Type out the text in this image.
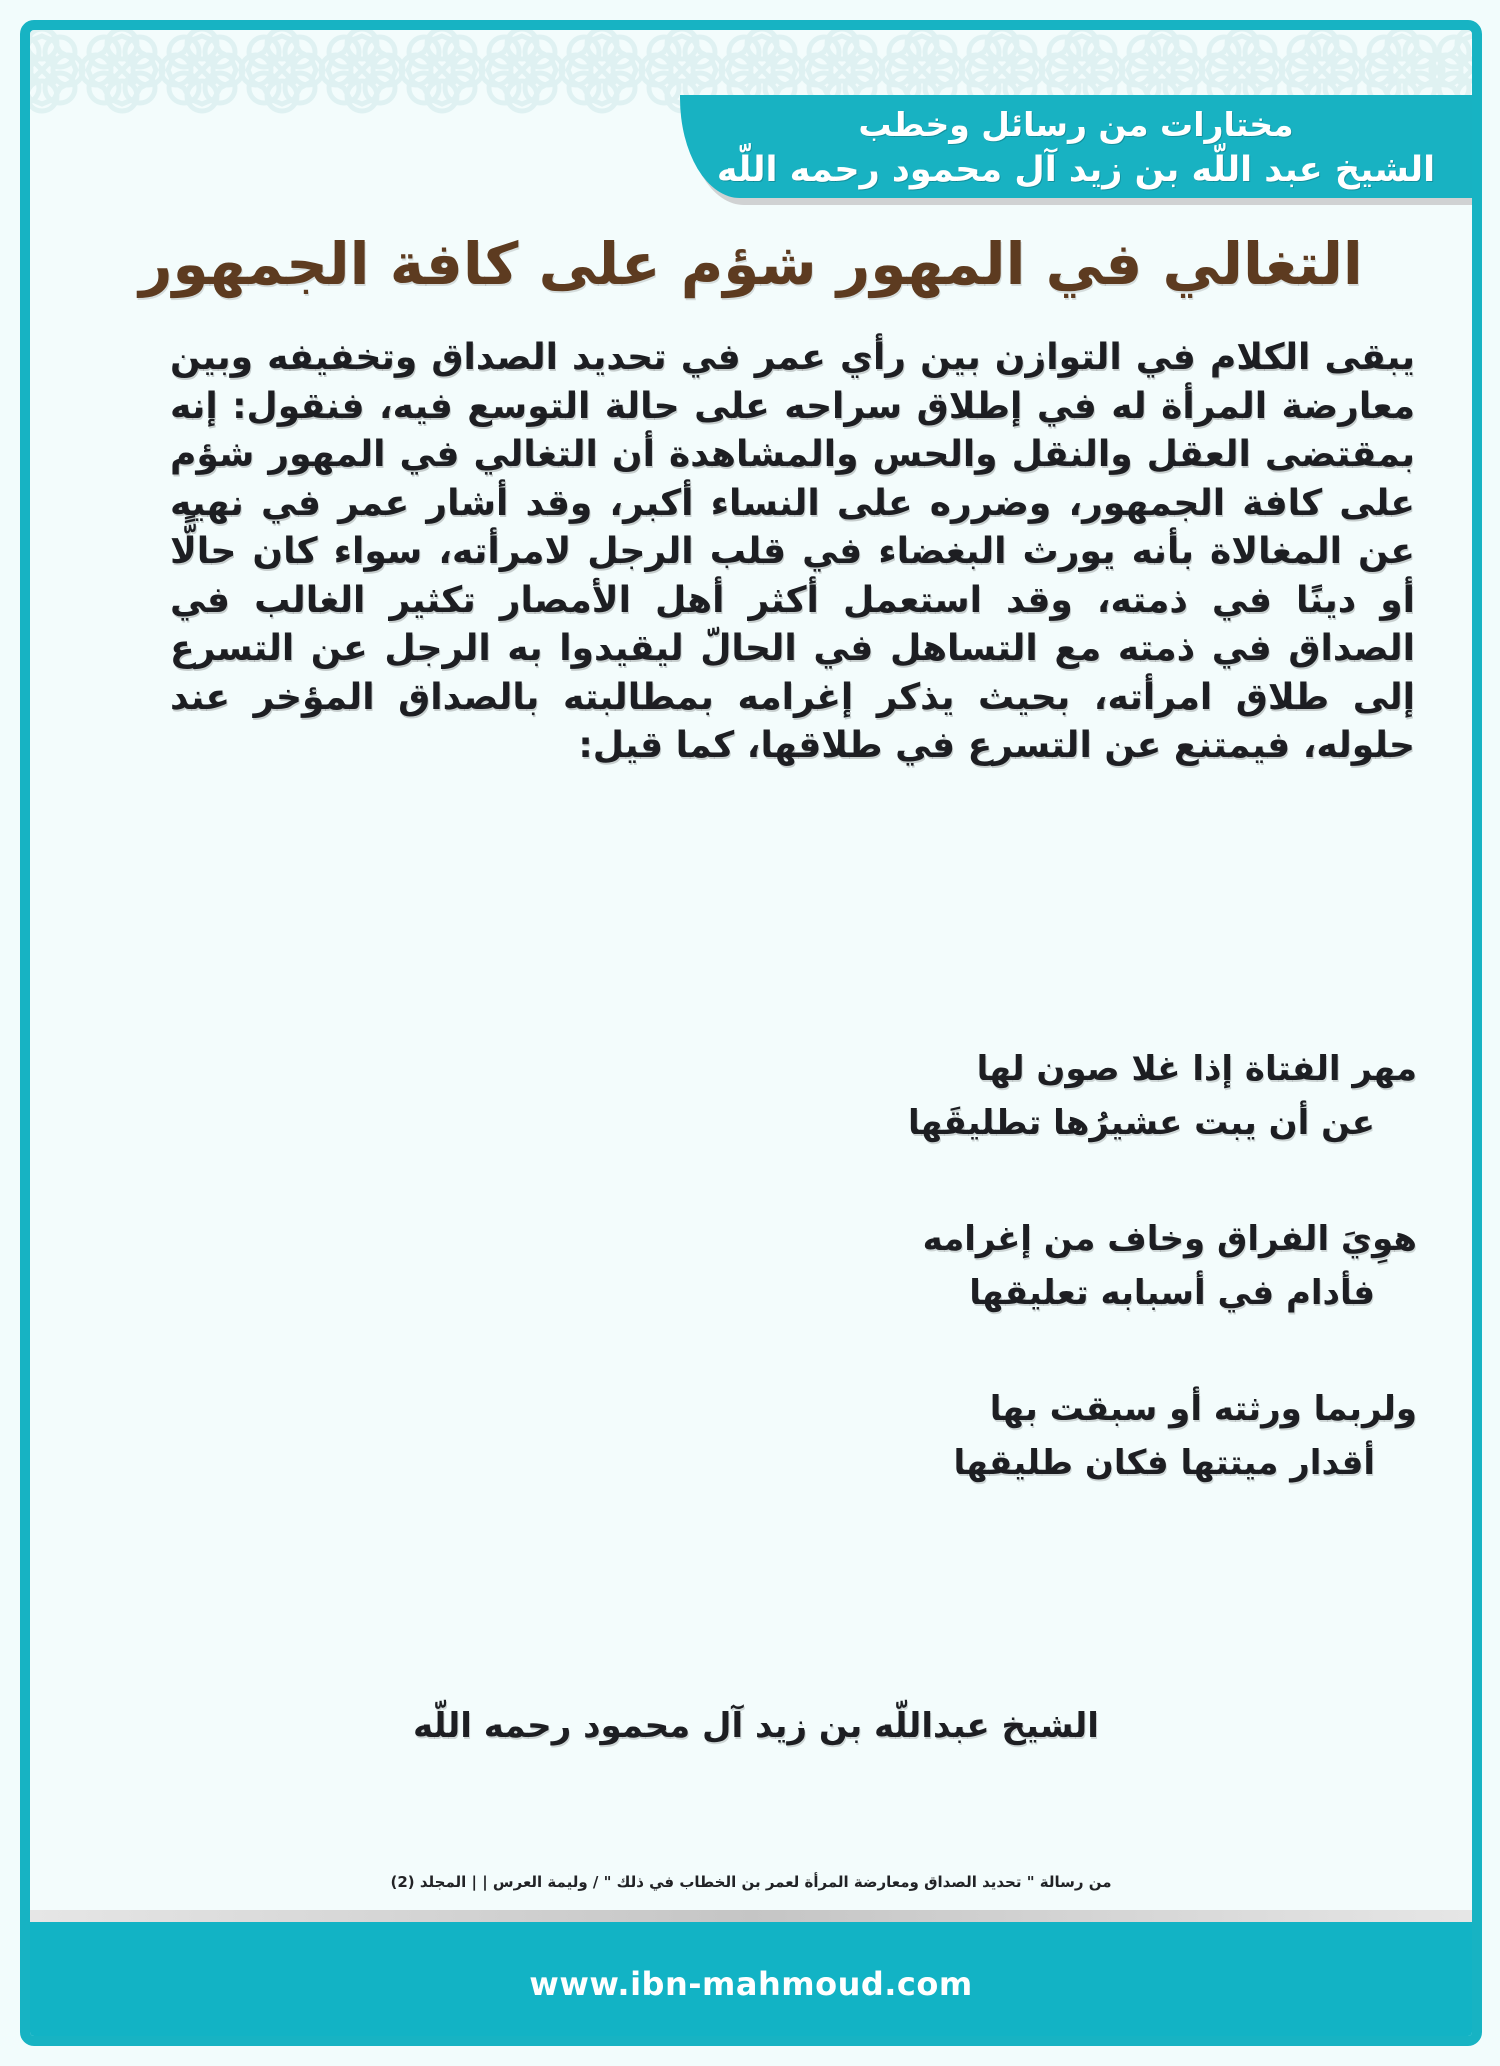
مختارات من رسائل وخطب
الشيخ عبد اللّه بن زيد آل محمود رحمه اللّه
التغالي في المهور شؤم على كافة الجمهور

يبقى الكلام في التوازن بين رأي عمر في تحديد الصداق وتخفيفه وبين معارضة المرأة له في إطلاق سراحه على حالة التوسع فيه، فنقول: إنه بمقتضى العقل والنقل والحس والمشاهدة أن التغالي في المهور شؤم على كافة الجمهور، وضرره على النساء أكبر، وقد أشار عمر في نهيه عن المغالاة بأنه يورث البغضاء في قلب الرجل لامرأته، سواء كان حالًّا أو دينًا في ذمته، وقد استعمل أكثر أهل الأمصار تكثير الغالب في الصداق في ذمته مع التساهل في الحالّ ليقيدوا به الرجل عن التسرع إلى طلاق امرأته، بحيث يذكر إغرامه بمطالبته بالصداق المؤخر عند حلوله، فيمتنع عن التسرع في طلاقها، كما قيل:

مهر الفتاة إذا غلا صون لها
عن أن يبت عشيرُها تطليقَها
هوِيَ الفراق وخاف من إغرامه
فأدام في أسبابه تعليقها
ولربما ورثته أو سبقت بها
أقدار ميتتها فكان طليقها
الشيخ عبداللّه بن زيد آل محمود رحمه اللّه
من رسالة " تحديد الصداق ومعارضة المرأة لعمر بن الخطاب في ذلك " / وليمة العرس | | المجلد (2)
www.ibn-mahmoud.com
